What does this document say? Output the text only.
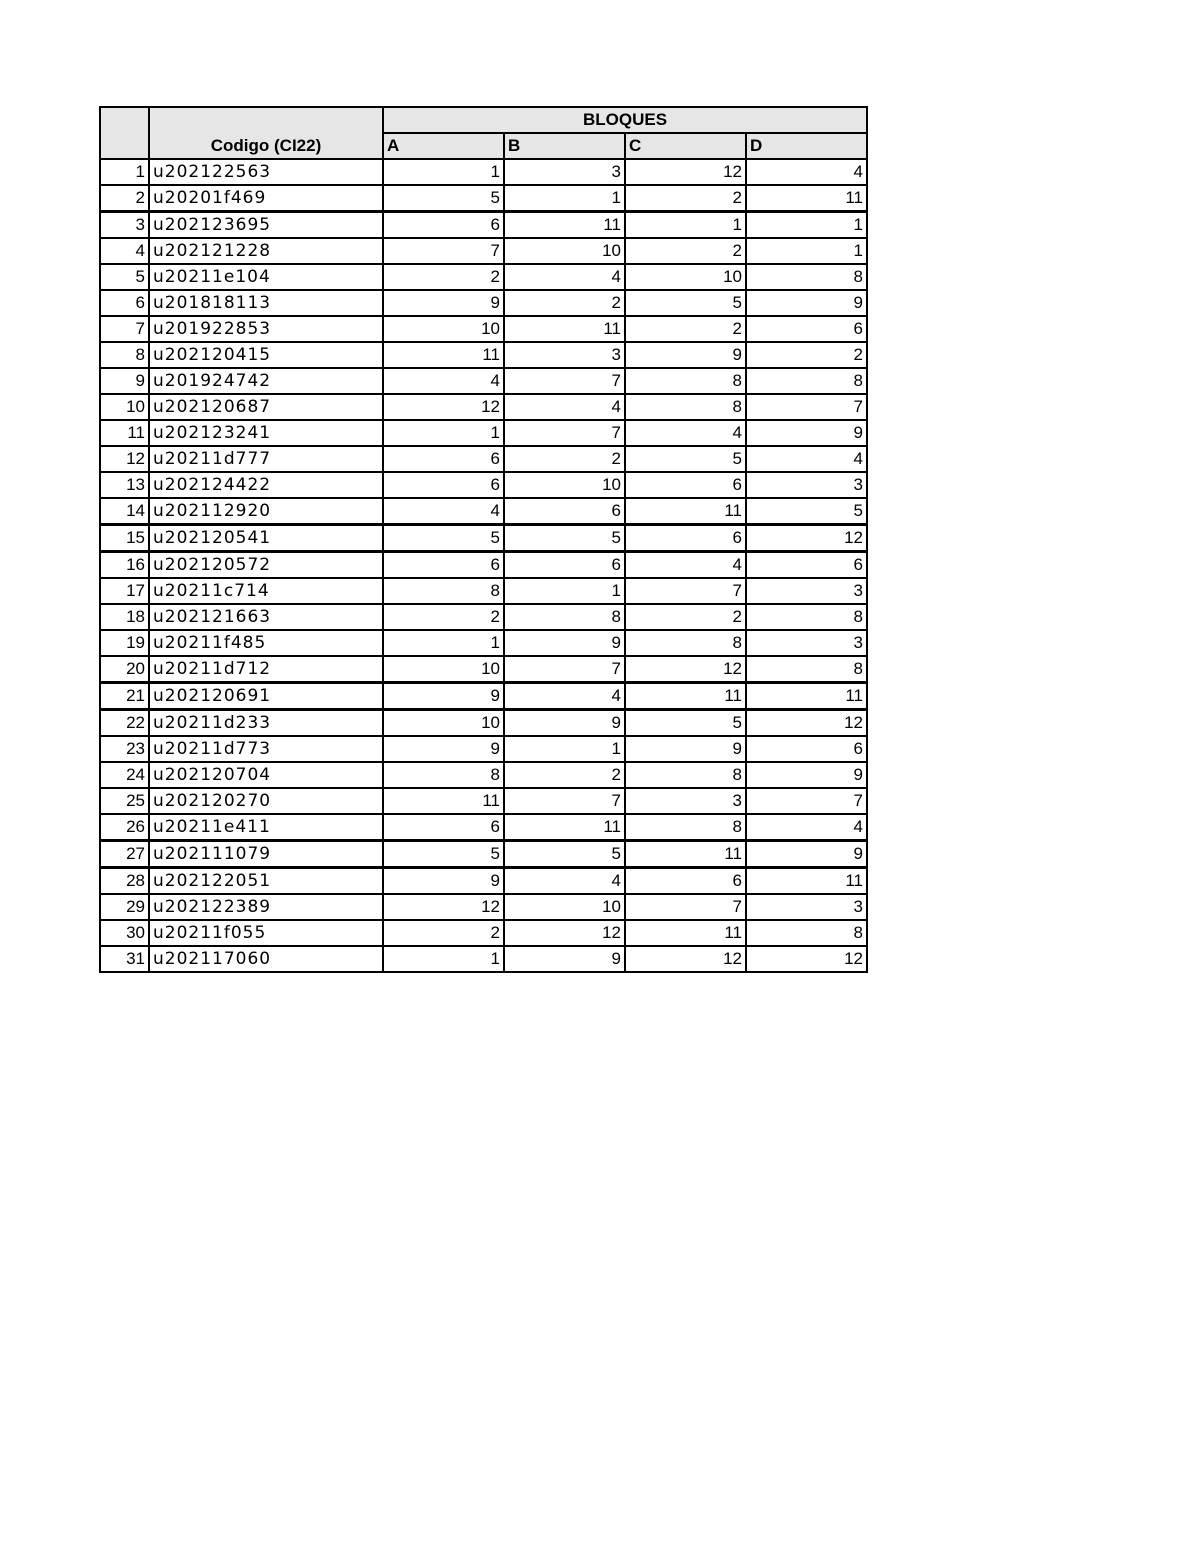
	Codigo (CI22)	BLOQUES			
		A	B	C	D
1	u202122563	1	3	12	4
2	u20201f469	5	1	2	11
3	u202123695	6	11	1	1
4	u202121228	7	10	2	1
5	u20211e104	2	4	10	8
6	u201818113	9	2	5	9
7	u201922853	10	11	2	6
8	u202120415	11	3	9	2
9	u201924742	4	7	8	8
10	u202120687	12	4	8	7
11	u202123241	1	7	4	9
12	u20211d777	6	2	5	4
13	u202124422	6	10	6	3
14	u202112920	4	6	11	5
15	u202120541	5	5	6	12
16	u202120572	6	6	4	6
17	u20211c714	8	1	7	3
18	u202121663	2	8	2	8
19	u20211f485	1	9	8	3
20	u20211d712	10	7	12	8
21	u202120691	9	4	11	11
22	u20211d233	10	9	5	12
23	u20211d773	9	1	9	6
24	u202120704	8	2	8	9
25	u202120270	11	7	3	7
26	u20211e411	6	11	8	4
27	u202111079	5	5	11	9
28	u202122051	9	4	6	11
29	u202122389	12	10	7	3
30	u20211f055	2	12	11	8
31	u202117060	1	9	12	12
